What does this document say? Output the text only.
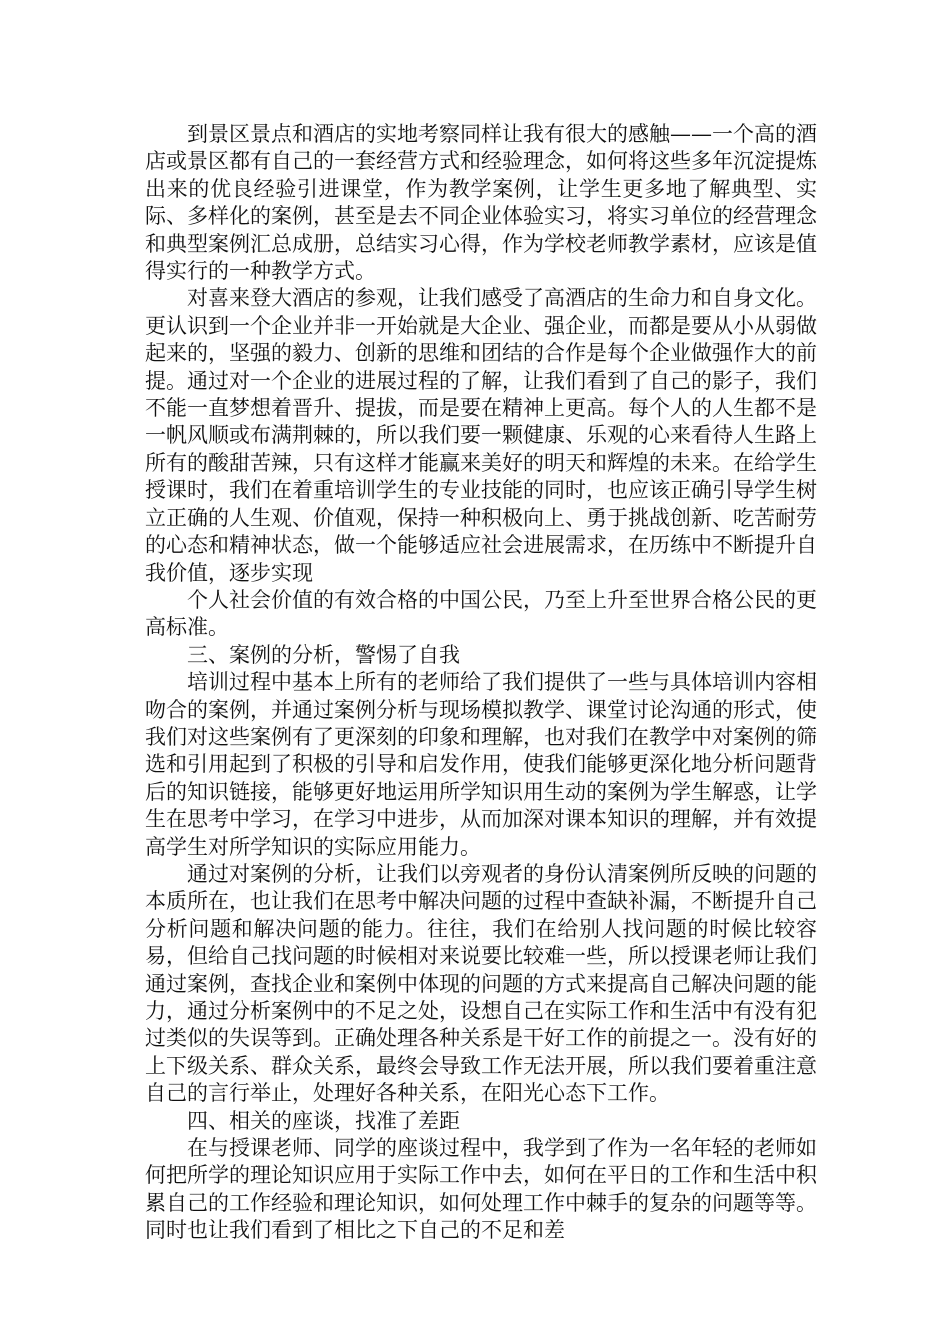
到景区景点和酒店的实地考察同样让我有很大的感触——一个高的酒店或景区都有自己的一套经营方式和经验理念，如何将这些多年沉淀提炼出来的优良经验引进课堂，作为教学案例，让学生更多地了解典型、实际、多样化的案例，甚至是去不同企业体验实习，将实习单位的经营理念和典型案例汇总成册，总结实习心得，作为学校老师教学素材，应该是值得实行的一种教学方式。

对喜来登大酒店的参观，让我们感受了高酒店的生命力和自身文化。更认识到一个企业并非一开始就是大企业、强企业，而都是要从小从弱做起来的，坚强的毅力、创新的思维和团结的合作是每个企业做强作大的前提。通过对一个企业的进展过程的了解，让我们看到了自己的影子，我们不能一直梦想着晋升、提拔，而是要在精神上更高。每个人的人生都不是一帆风顺或布满荆棘的，所以我们要一颗健康、乐观的心来看待人生路上所有的酸甜苦辣，只有这样才能赢来美好的明天和辉煌的未来。在给学生授课时，我们在着重培训学生的专业技能的同时，也应该正确引导学生树立正确的人生观、价值观，保持一种积极向上、勇于挑战创新、吃苦耐劳的心态和精神状态，做一个能够适应社会进展需求，在历练中不断提升自我价值，逐步实现

个人社会价值的有效合格的中国公民，乃至上升至世界合格公民的更高标准。

三、案例的分析，警惕了自我

培训过程中基本上所有的老师给了我们提供了一些与具体培训内容相吻合的案例，并通过案例分析与现场模拟教学、课堂讨论沟通的形式，使我们对这些案例有了更深刻的印象和理解，也对我们在教学中对案例的筛选和引用起到了积极的引导和启发作用，使我们能够更深化地分析问题背后的知识链接，能够更好地运用所学知识用生动的案例为学生解惑，让学生在思考中学习，在学习中进步，从而加深对课本知识的理解，并有效提高学生对所学知识的实际应用能力。

通过对案例的分析，让我们以旁观者的身份认清案例所反映的问题的本质所在，也让我们在思考中解决问题的过程中查缺补漏，不断提升自己分析问题和解决问题的能力。往往，我们在给别人找问题的时候比较容易，但给自己找问题的时候相对来说要比较难一些，所以授课老师让我们通过案例，查找企业和案例中体现的问题的方式来提高自己解决问题的能力，通过分析案例中的不足之处，设想自己在实际工作和生活中有没有犯过类似的失误等到。正确处理各种关系是干好工作的前提之一。没有好的上下级关系、群众关系，最终会导致工作无法开展，所以我们要着重注意自己的言行举止，处理好各种关系，在阳光心态下工作。

四、相关的座谈，找准了差距

在与授课老师、同学的座谈过程中，我学到了作为一名年轻的老师如何把所学的理论知识应用于实际工作中去，如何在平日的工作和生活中积累自己的工作经验和理论知识，如何处理工作中棘手的复杂的问题等等。同时也让我们看到了相比之下自己的不足和差
